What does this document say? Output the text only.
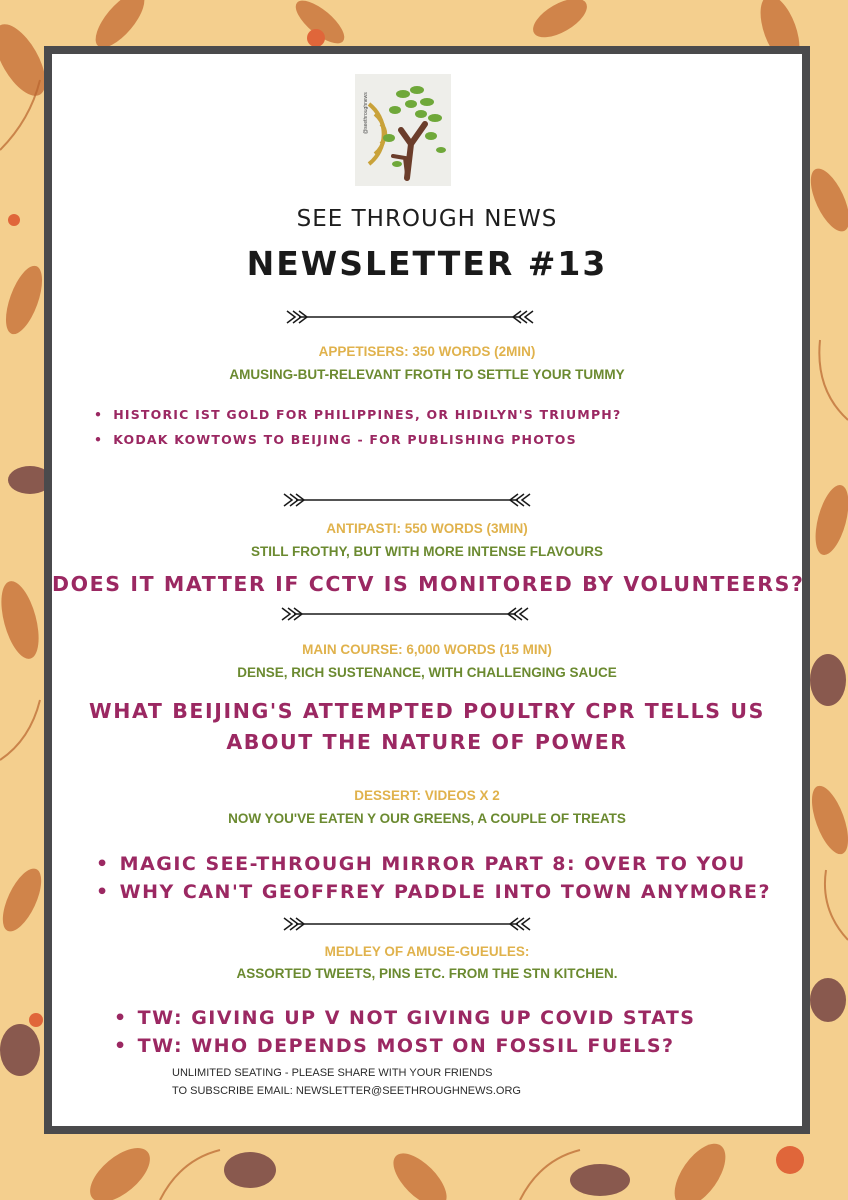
@seethroughnews
SEE THROUGH NEWS
NEWSLETTER #13
APPETISERS: 350 WORDS (2MIN)
AMUSING-BUT-RELEVANT FROTH TO SETTLE YOUR TUMMY
• HISTORIC IST GOLD FOR PHILIPPINES, OR HIDILYN'S TRIUMPH?
• KODAK KOWTOWS TO BEIJING - FOR PUBLISHING PHOTOS
ANTIPASTI: 550 WORDS (3MIN)
STILL FROTHY, BUT WITH MORE INTENSE FLAVOURS
DOES IT MATTER IF CCTV IS MONITORED BY VOLUNTEERS?
MAIN COURSE: 6,000 WORDS (15 MIN)
DENSE, RICH SUSTENANCE, WITH CHALLENGING SAUCE
WHAT BEIJING'S ATTEMPTED POULTRY CPR TELLS US
ABOUT THE NATURE OF POWER
DESSERT: VIDEOS X 2
NOW YOU'VE EATEN Y OUR GREENS, A COUPLE OF TREATS
• MAGIC SEE-THROUGH MIRROR PART 8: OVER TO YOU
• WHY CAN'T GEOFFREY PADDLE INTO TOWN ANYMORE?
MEDLEY OF AMUSE-GUEULES:
ASSORTED TWEETS, PINS ETC. FROM THE STN KITCHEN.
• TW: GIVING UP V NOT GIVING UP COVID STATS
• TW: WHO DEPENDS MOST ON FOSSIL FUELS?
UNLIMITED SEATING - PLEASE SHARE WITH YOUR FRIENDS
TO SUBSCRIBE EMAIL: NEWSLETTER@SEETHROUGHNEWS.ORG
